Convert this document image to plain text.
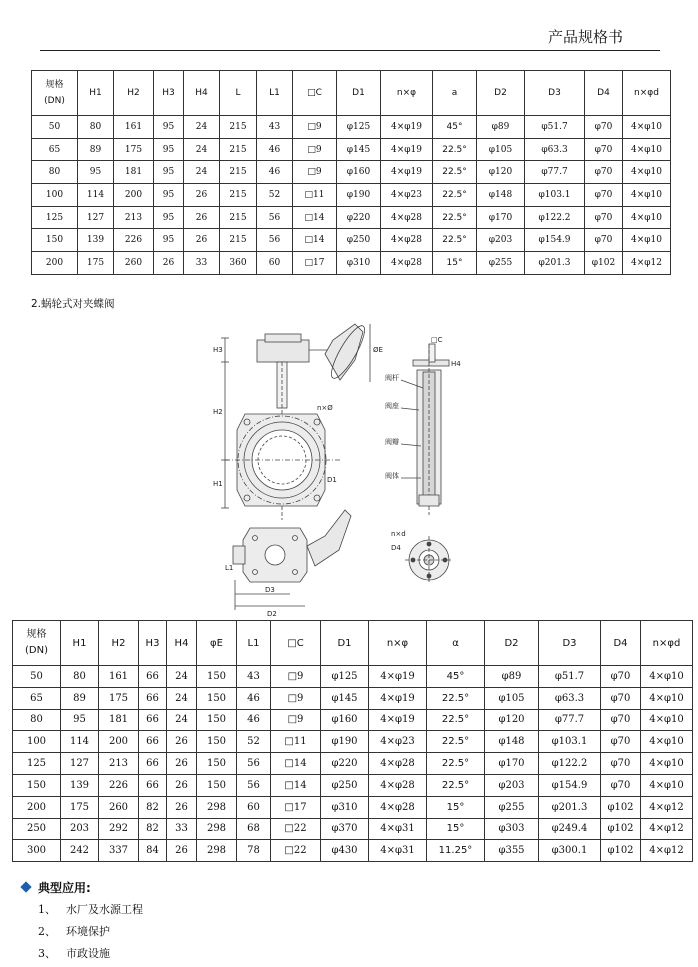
产品规格书
规格
(DN)	H1	H2	H3	H4	L	L1	□C	D1	n×φ	a	D2	D3	D4	n×φd
50	80	161	95	24	215	43	□9	φ125	4×φ19	45°	φ89	φ51.7	φ70	4×φ10
65	89	175	95	24	215	46	□9	φ145	4×φ19	22.5°	φ105	φ63.3	φ70	4×φ10
80	95	181	95	24	215	46	□9	φ160	4×φ19	22.5°	φ120	φ77.7	φ70	4×φ10
100	114	200	95	26	215	52	□11	φ190	4×φ23	22.5°	φ148	φ103.1	φ70	4×φ10
125	127	213	95	26	215	56	□14	φ220	4×φ28	22.5°	φ170	φ122.2	φ70	4×φ10
150	139	226	95	26	215	56	□14	φ250	4×φ28	22.5°	φ203	φ154.9	φ70	4×φ10
200	175	260	26	33	360	60	□17	φ310	4×φ28	15°	φ255	φ201.3	φ102	4×φ12
2.蜗轮式对夹蝶阀
H3
H2
H1
ØE
n×Ø
D1
L1
D3
D2
□C
H4
阀杆
阀座
阀瓣
阀体
n×d
D4
规格
(DN)	H1	H2	H3	H4	φE	L1	□C	D1	n×φ	α	D2	D3	D4	n×φd
50	80	161	66	24	150	43	□9	φ125	4×φ19	45°	φ89	φ51.7	φ70	4×φ10
65	89	175	66	24	150	46	□9	φ145	4×φ19	22.5°	φ105	φ63.3	φ70	4×φ10
80	95	181	66	24	150	46	□9	φ160	4×φ19	22.5°	φ120	φ77.7	φ70	4×φ10
100	114	200	66	26	150	52	□11	φ190	4×φ23	22.5°	φ148	φ103.1	φ70	4×φ10
125	127	213	66	26	150	56	□14	φ220	4×φ28	22.5°	φ170	φ122.2	φ70	4×φ10
150	139	226	66	26	150	56	□14	φ250	4×φ28	22.5°	φ203	φ154.9	φ70	4×φ10
200	175	260	82	26	298	60	□17	φ310	4×φ28	15°	φ255	φ201.3	φ102	4×φ12
250	203	292	82	33	298	68	□22	φ370	4×φ31	15°	φ303	φ249.4	φ102	4×φ12
300	242	337	84	26	298	78	□22	φ430	4×φ31	11.25°	φ355	φ300.1	φ102	4×φ12
典型应用:
1、 水厂及水源工程
2、 环境保护
3、 市政设施
